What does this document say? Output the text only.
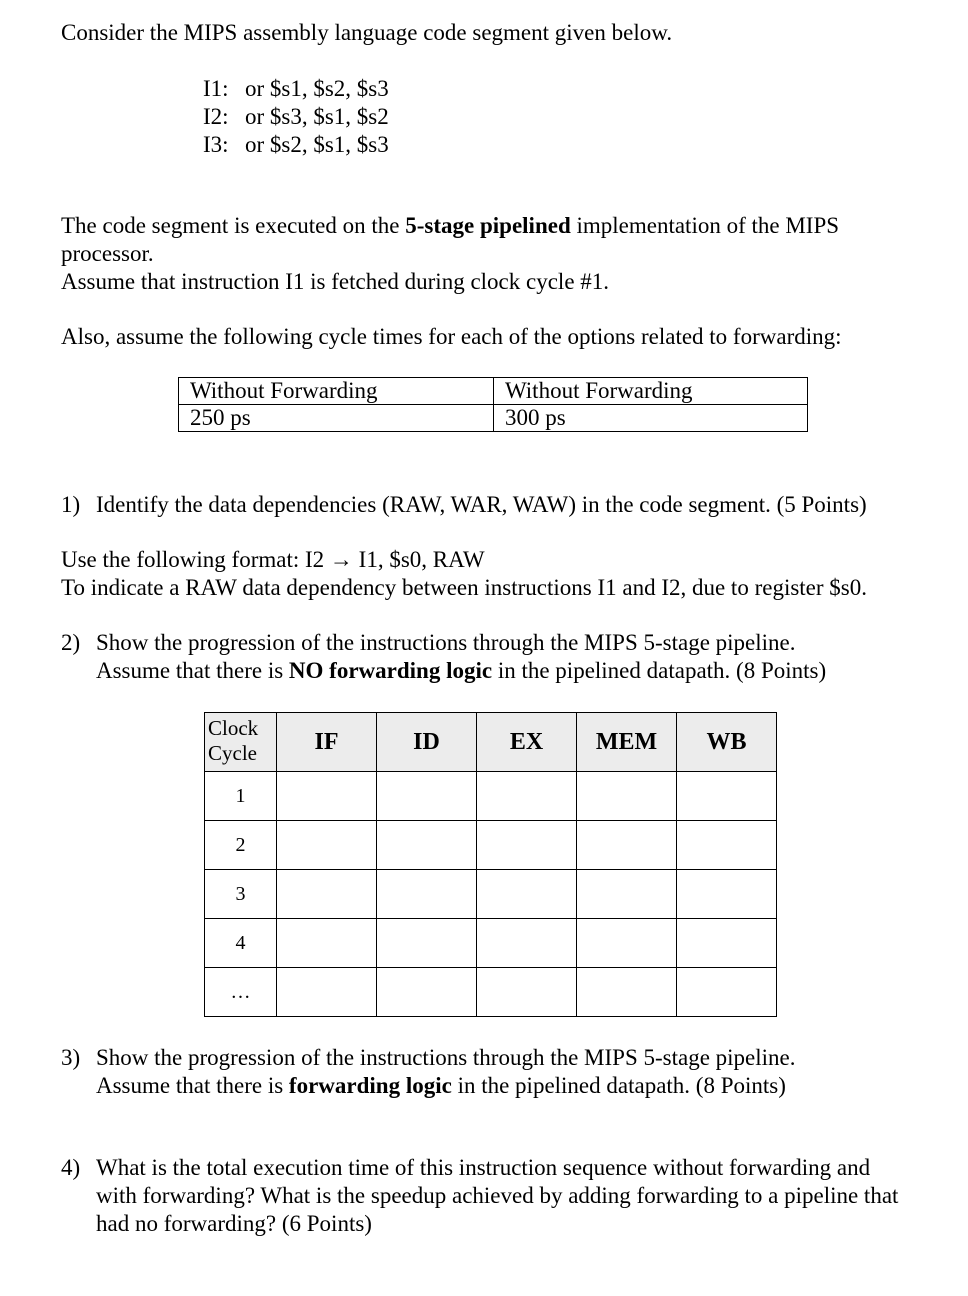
Consider the MIPS assembly language code segment given below.
I1: or $s1, $s2, $s3
I2: or $s3, $s1, $s2
I3: or $s2, $s1, $s3
The code segment is executed on the 5-stage pipelined implementation of the MIPS processor.
Assume that instruction I1 is fetched during clock cycle #1.
Also, assume the following cycle times for each of the options related to forwarding:
Without Forwarding	Without Forwarding
250 ps	300 ps
1) Identify the data dependencies (RAW, WAR, WAW) in the code segment. (5 Points)
Use the following format: I2 → I1, $s0, RAW
To indicate a RAW data dependency between instructions I1 and I2, due to register $s0.
2) Show the progression of the instructions through the MIPS 5-stage pipeline.
Assume that there is NO forwarding logic in the pipelined datapath. (8 Points)
Clock
Cycle	IF	ID	EX	MEM	WB
1					
2					
3					
4					
…					
3) Show the progression of the instructions through the MIPS 5-stage pipeline.
Assume that there is forwarding logic in the pipelined datapath. (8 Points)
4) What is the total execution time of this instruction sequence without forwarding and with forwarding? What is the speedup achieved by adding forwarding to a pipeline that had no forwarding? (6 Points)
